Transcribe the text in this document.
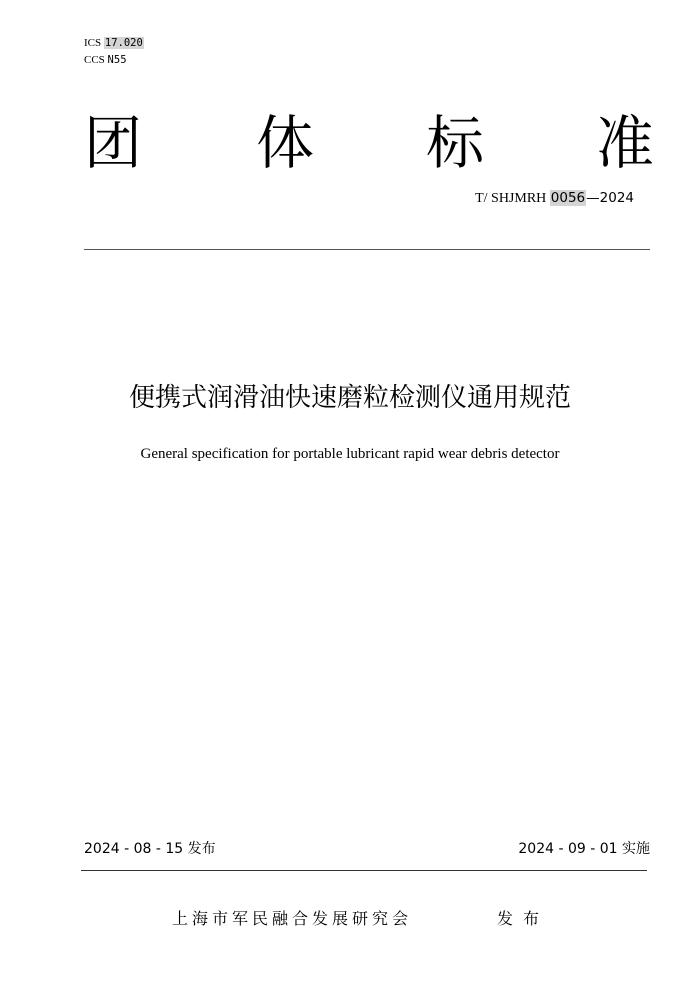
ICS 17.020
CCS N55
团 体 标 准
T/ SHJMRH 0056—2024
便携式润滑油快速磨粒检测仪通用规范
General specification for portable lubricant rapid wear debris detector
2024 - 08 - 15 发布	2024 - 09 - 01 实施
上海市军民融合发展研究会	发布
